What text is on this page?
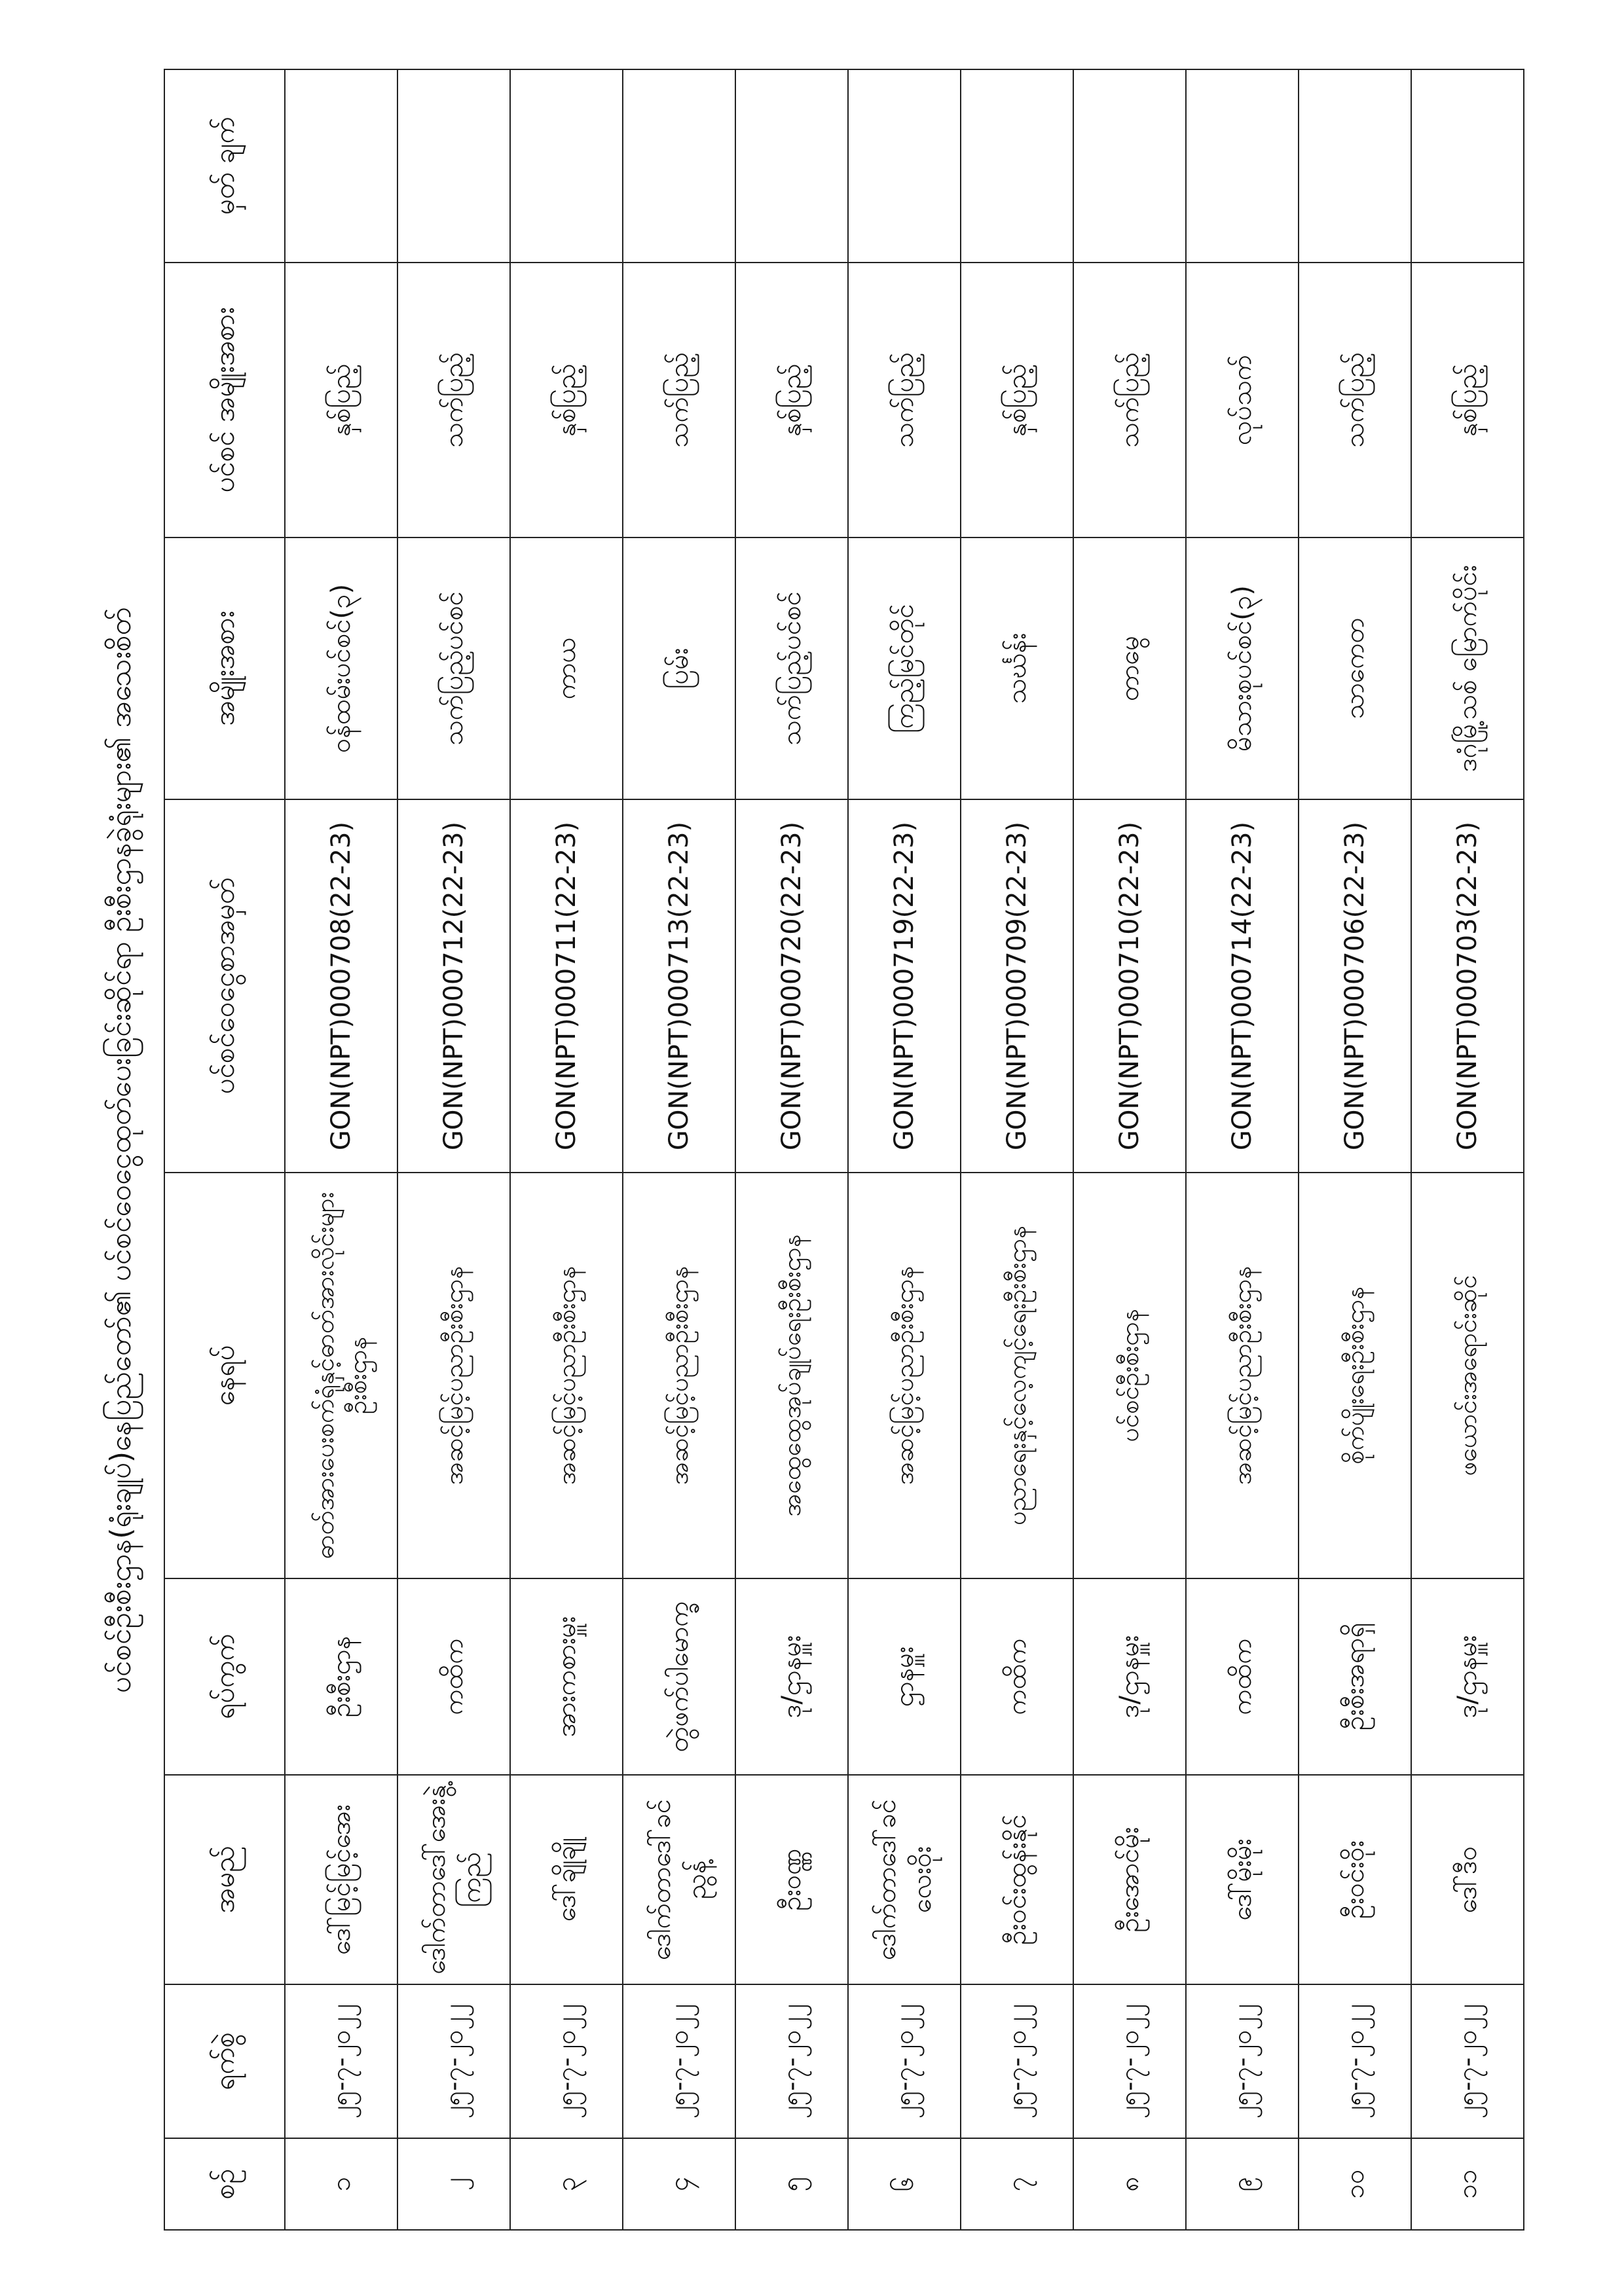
ပင်စင်ဦးစီးဌာန(ရုံးချုပ်)နေပြည်တော်၏ ပင်စင်ဝေငွေထုတ်ပေးခြင်းဆိုင်ရာ ဦးစီးဌာနခွဲရုံးများ၏ အသေးစိတ်
စဉ်	ရက်စွဲ	အမည်	ရပ်ကွက်	နေရပ်	ပင်စင်ဝေငွေစာအမှတ်	အမျိုးအစား	ပင်စင် အမျိုးအစား	မှတ် ချက်
၁	၂၅-၇-၂၀၂၂	ဒေါ်မြင့်မြင့်အေး	ဦးစီးဌာန	ဓာတ်အားပေးစက်ရုံနှင့်ဓာတ်အားလိုင်းများဦးစီးဌာန	GON(NPT)000708(22-23)	ဝန်ထမ်းပင်စင်(၃)	နှစ်ပြည့်	
၂	၂၅-၇-၂၀၂၂	ဒေါက်တာဒေါ်အေးနွဲ့ကြည်	ကထိက	အဆင့်မြင့်ပညာဦးစီးဌာန	GON(NPT)000712(22-23)	သက်ပြည့်ပင်စင်	သက်ပြည့်	
၃	၂၅-၇-၂၀၂၂	ဒေါ်ချိုချို	အားကစားမှူး	အဆင့်မြင့်ပညာဦးစီးဌာန	GON(NPT)000711(22-23)	ကာယ	နှစ်ပြည့်	
၄	၂၅-၇-၂၀၂၂	ဒေါက်တာဒေါ်ခင်ညွန့်	တွဲဖက်ပါမောက္ခ	အဆင့်မြင့်ပညာဦးစီးဌာန	GON(NPT)000713(22-23)	ပြမ်း	သက်ပြည့်	
၅	၂၅-၇-၂၀၂၂	ဦးဝဏ္ဏ	ဒု/ဌာနမှူး	အထွေထွေအုပ်ချုပ်ရေးဦးစီးဌာန	GON(NPT)000720(22-23)	သက်ပြည့်ပင်စင်	နှစ်ပြည့်	
၆	၂၅-၇-၂၀၂၂	ဒေါက်တာဒေါ်ခင်လေးဝိုး	ဌာနမှူး	အဆင့်မြင့်ပညာဦးစီးဌာန	GON(NPT)000719(22-23)	ကြည့်မြင်တိုင်	သက်ပြည့်	
၇	၂၅-၇-၂၀၂၂	ဦးဝင်းထွန်းနိုင်	ကထိက	ပညာရေးနှင့်လေ့ကျင့်ရေးဦးစီးဌာန	GON(NPT)000709(22-23)	သင်္ဃန်း	နှစ်ပြည့်	
၈	၂၅-၇-၂၀၂၂	ဦးအောင်မိုး	ဒု/ဌာနမှူး	ပင်စင်ဦးစီးဌာန	GON(NPT)000710(22-23)	တာမွေ	သက်ပြည့်	
၉	၂၅-၇-၂၀၂၂	ဒေါ်မိုးမိုး	ကထိက	အဆင့်မြင့်ပညာဦးစီးဌာန	GON(NPT)000714(22-23)	မိသားစုပင်စင်(၃)	လုပ်သက်	
၁၀	၂၅-၇-၂၀၂၂	ဦးဝင်းဝိုး	ဦးစီးအရာရှိ	စိုက်ပျိုးရေးဦးစီးဌာန	GON(NPT)000706(22-23)	သာကေတ	သက်ပြည့်	
၁၁	၂၅-၇-၂၀၂၂	ဒေါ်ဒီဝ	ဒု/ဌာနမှူး	ဖယောင်းအရောင်းဆိုင်	GON(NPT)000703(22-23)	ဒဂုံမြို့သစ် မြောက်ပိုင်း	နှစ်ပြည့်	
